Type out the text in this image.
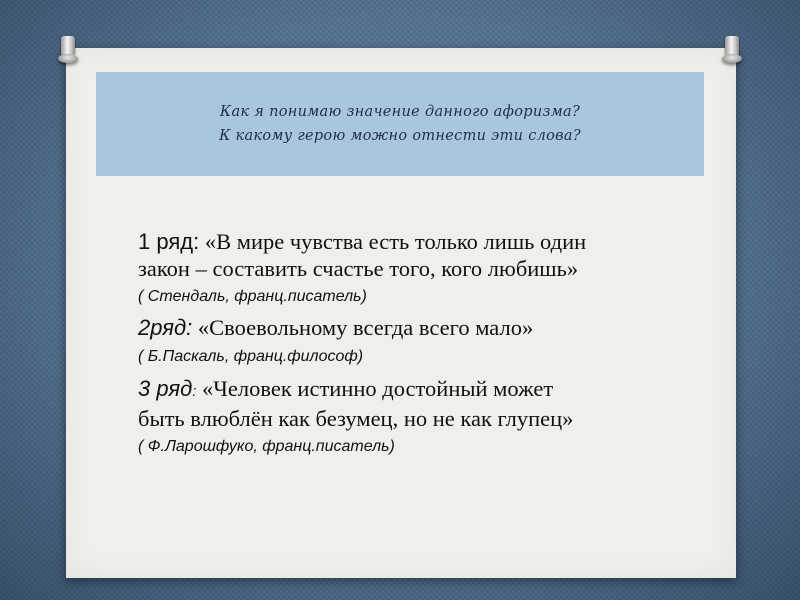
Как я понимаю значение данного афоризма?
К какому герою можно отнести эти слова?

1 ряд: «В мире чувства есть только лишь один

закон – составить счастье того, кого любишь»

( Стендаль, франц.писатель)

2ряд: «Своевольному всегда всего мало»

( Б.Паскаль, франц.философ)

3 ряд: «Человек истинно достойный может

быть влюблён как безумец, но не как глупец»

( Ф.Ларошфуко, франц.писатель)
